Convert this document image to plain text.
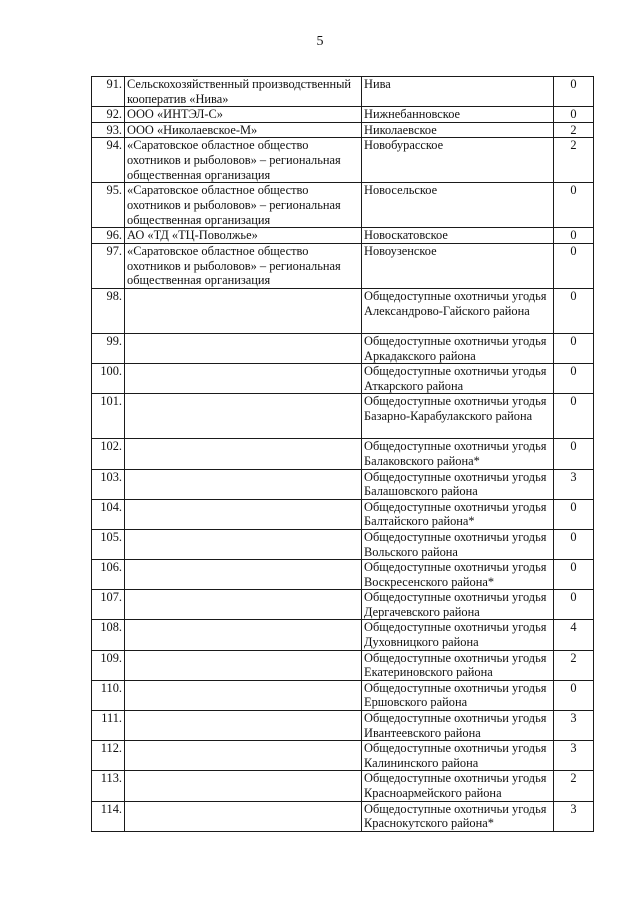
5
91.	Сельскохозяйственный производственный кооператив «Нива»	Нива	0
92.	ООО «ИНТЭЛ-С»	Нижнебанновское	0
93.	ООО «Николаевское-М»	Николаевское	2
94.	«Саратовское областное общество охотников и рыболовов» – региональная общественная организация	Новобурасское	2
95.	«Саратовское областное общество охотников и рыболовов» – региональная общественная организация	Новосельское	0
96.	АО «ТД «ТЦ-Поволжье»	Новоскатовское	0
97.	«Саратовское областное общество охотников и рыболовов» – региональная общественная организация	Новоузенское	0
98.		Общедоступные охотничьи угодья Александрово-Гайского района	0
99.		Общедоступные охотничьи угодья Аркадакского района	0
100.		Общедоступные охотничьи угодья Аткарского района	0
101.		Общедоступные охотничьи угодья Базарно-Карабулакского района	0
102.		Общедоступные охотничьи угодья Балаковского района*	0
103.		Общедоступные охотничьи угодья Балашовского района	3
104.		Общедоступные охотничьи угодья Балтайского района*	0
105.		Общедоступные охотничьи угодья Вольского района	0
106.		Общедоступные охотничьи угодья Воскресенского района*	0
107.		Общедоступные охотничьи угодья Дергачевского района	0
108.		Общедоступные охотничьи угодья Духовницкого района	4
109.		Общедоступные охотничьи угодья Екатериновского района	2
110.		Общедоступные охотничьи угодья Ершовского района	0
111.		Общедоступные охотничьи угодья Ивантеевского района	3
112.		Общедоступные охотничьи угодья Калининского района	3
113.		Общедоступные охотничьи угодья Красноармейского района	2
114.		Общедоступные охотничьи угодья Краснокутского района*	3
